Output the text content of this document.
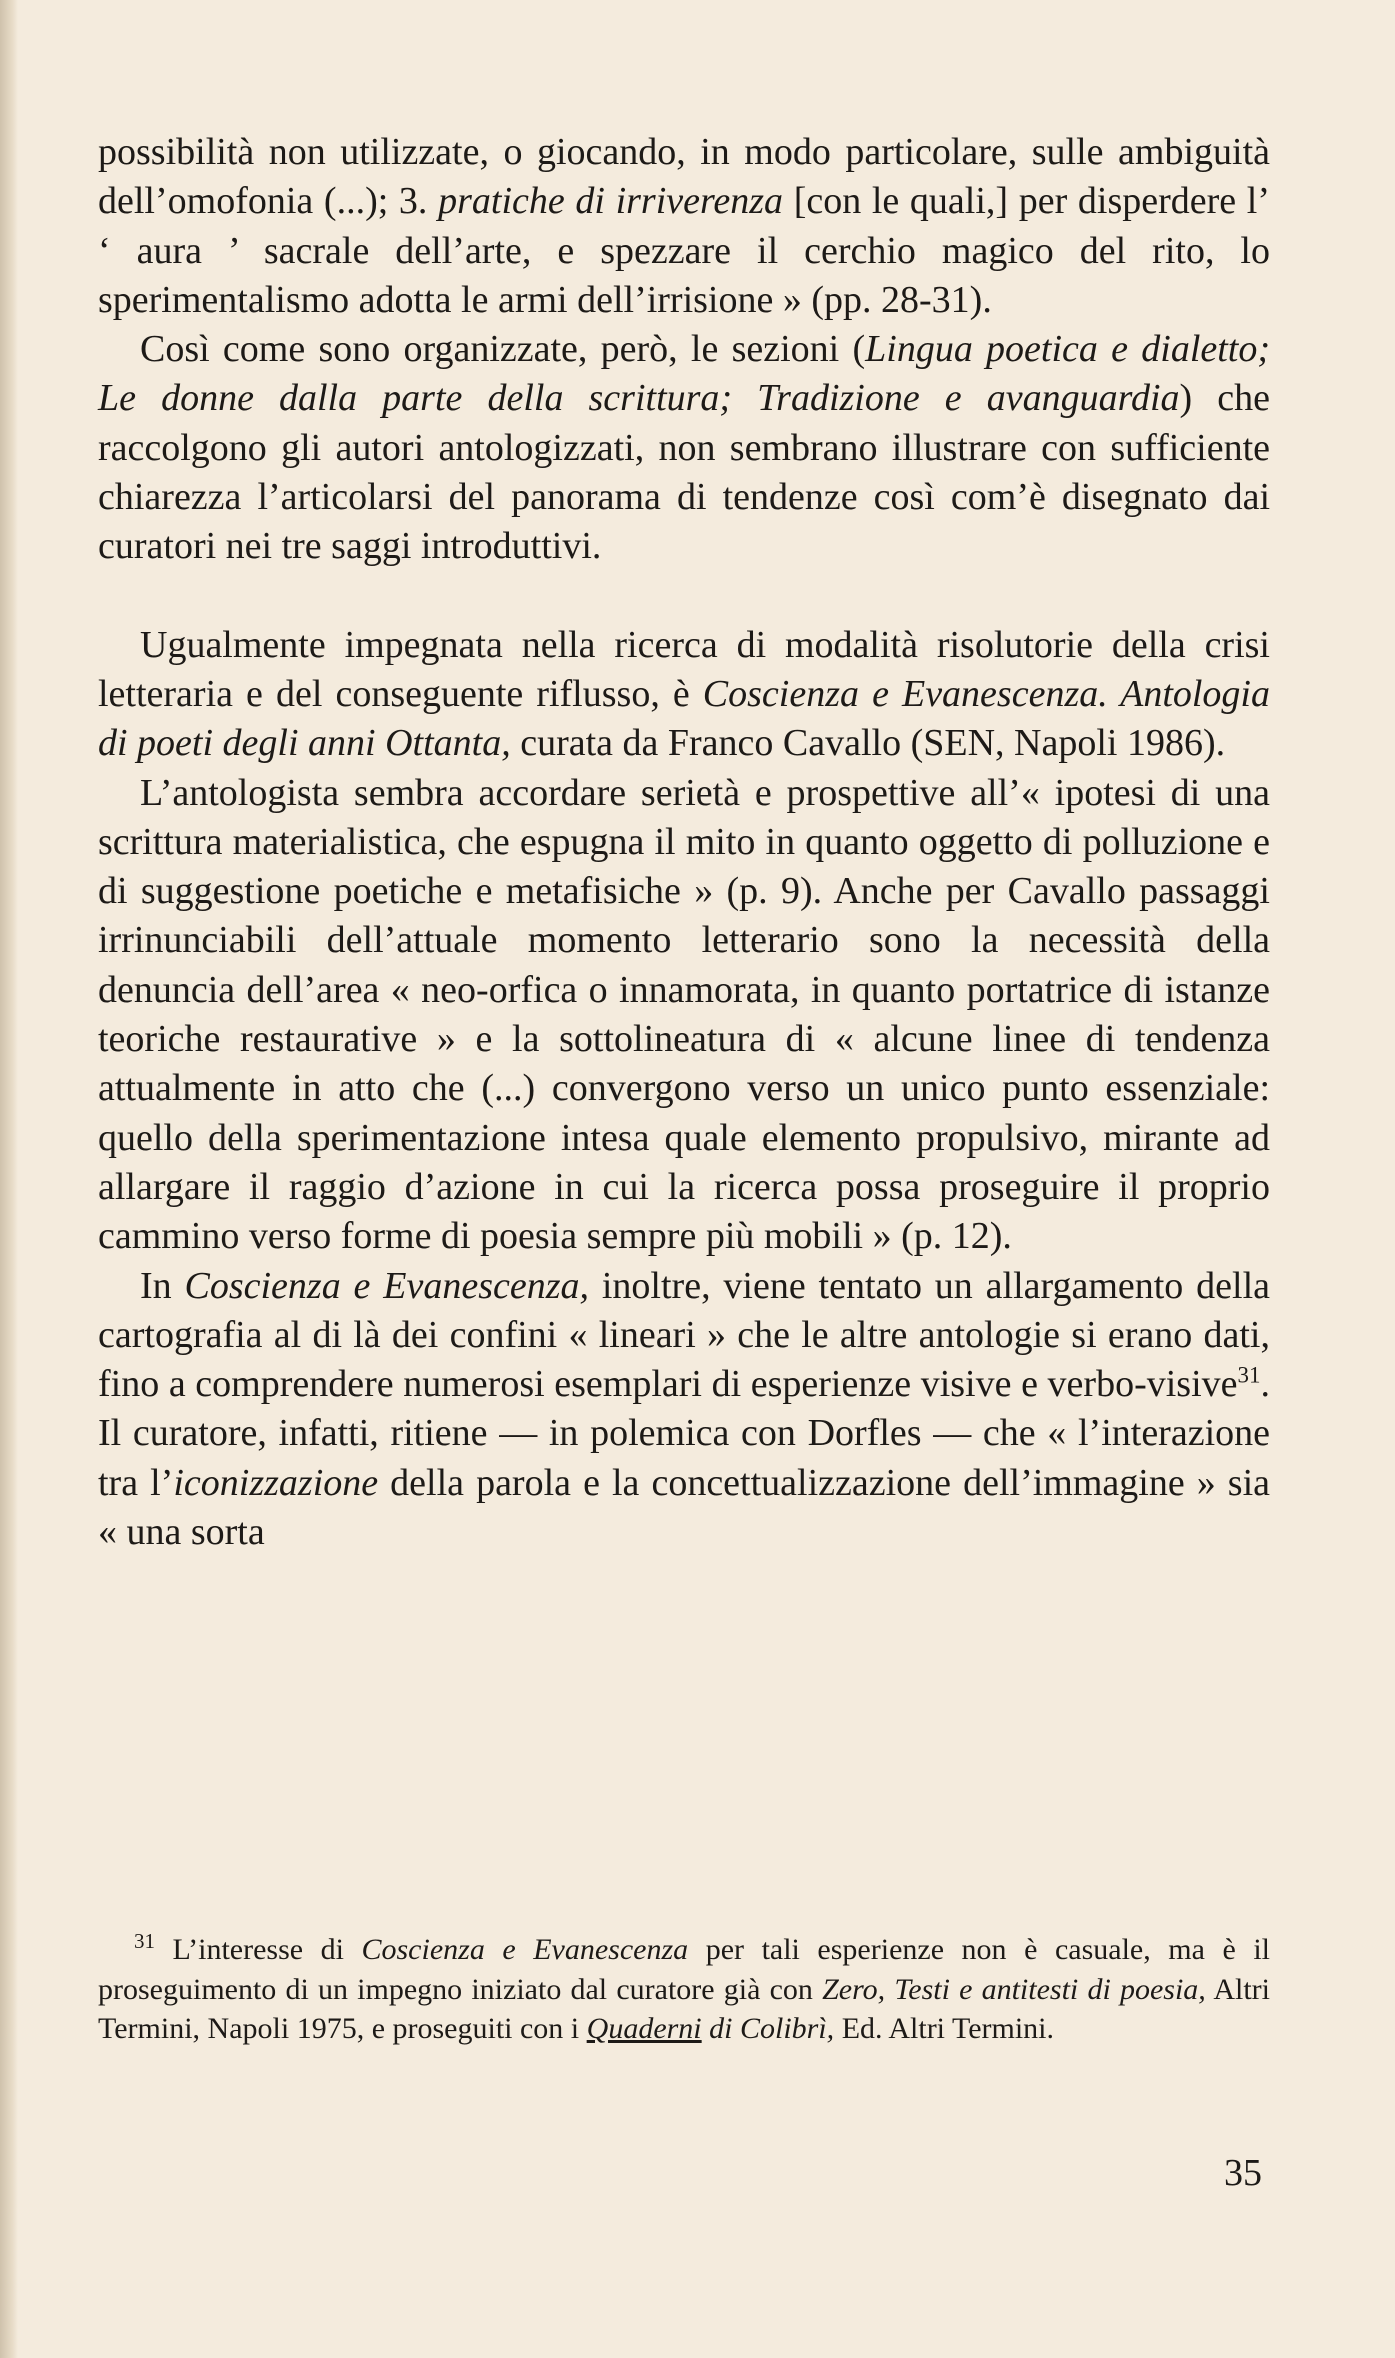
possibilità non utilizzate, o giocando, in modo particolare, sulle ambiguità dell’omofonia (...); 3. pratiche di irriverenza [con le quali,] per disperdere l’ ‘ aura ’ sacrale dell’arte, e spezzare il cerchio magico del rito, lo sperimentalismo adotta le armi dell’irrisione » (pp. 28-31).

Così come sono organizzate, però, le sezioni (Lingua poetica e dialetto; Le donne dalla parte della scrittura; Tradizione e avanguardia) che raccolgono gli autori antologizzati, non sembrano illustrare con sufficiente chiarezza l’articolarsi del panorama di tendenze così com’è disegnato dai curatori nei tre saggi introduttivi.

Ugualmente impegnata nella ricerca di modalità risolutorie della crisi letteraria e del conseguente riflusso, è Coscienza e Evanescenza. Antologia di poeti degli anni Ottanta, curata da Franco Cavallo (SEN, Napoli 1986).

L’antologista sembra accordare serietà e prospettive all’« ipotesi di una scrittura materialistica, che espugna il mito in quanto oggetto di polluzione e di suggestione poetiche e metafisiche » (p. 9). Anche per Cavallo passaggi irrinunciabili dell’attuale momento letterario sono la necessità della denuncia dell’area « neo-orfica o innamorata, in quanto portatrice di istanze teoriche restaurative » e la sottolineatura di « alcune linee di tendenza attualmente in atto che (...) convergono verso un unico punto essenziale: quello della sperimentazione intesa quale elemento propulsivo, mirante ad allargare il raggio d’azione in cui la ricerca possa proseguire il proprio cammino verso forme di poesia sempre più mobili » (p. 12).

In Coscienza e Evanescenza, inoltre, viene tentato un allargamento della cartografia al di là dei confini « lineari » che le altre antologie si erano dati, fino a comprendere numerosi esemplari di esperienze visive e verbo-visive$^{31}$. Il curatore, infatti, ritiene — in polemica con Dorfles — che « l’interazione tra l’iconizzazione della parola e la concettualizzazione dell’immagine » sia « una sorta

$^{31}$ L’interesse di Coscienza e Evanescenza per tali esperienze non è casuale, ma è il proseguimento di un impegno iniziato dal curatore già con Zero, Testi e antitesti di poesia, Altri Termini, Napoli 1975, e proseguiti con i Quaderni di Colibrì, Ed. Altri Termini.

35
